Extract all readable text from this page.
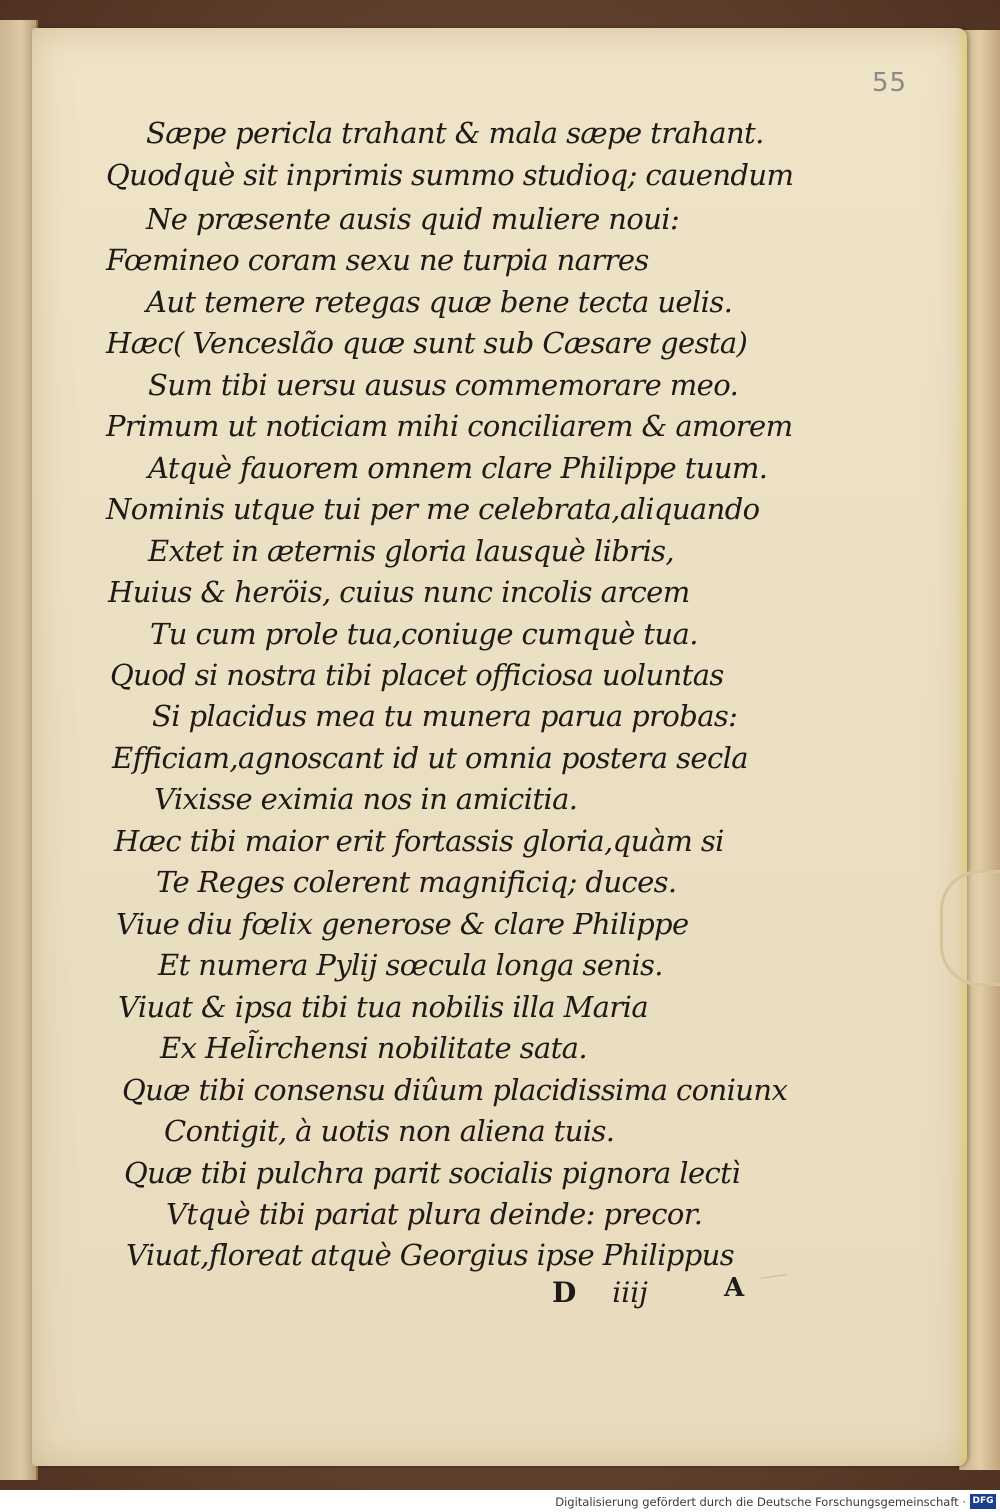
55
Sæpe pericla trahant & mala sæpe trahant.
Quodquè sit inprimis summo studioq; cauendum
Ne præsente ausis quid muliere noui:
Fœmineo coram sexu ne turpia narres
Aut temere retegas quæ bene tecta uelis.
Hæc( Venceslão quæ sunt sub Cæsare gesta)
Sum tibi uersu ausus commemorare meo.
Primum ut noticiam mihi conciliarem & amorem
Atquè fauorem omnem clare Philippe tuum.
Nominis utque tui per me celebrata,aliquando
Extet in æternis gloria lausquè libris,
Huius & heröis, cuius nunc incolis arcem
Tu cum prole tua,coniuge cumquè tua.
Quod si nostra tibi placet officiosa uoluntas
Si placidus mea tu munera parua probas:
Efficiam,agnoscant id ut omnia postera secla
Vixisse eximia nos in amicitia.
Hæc tibi maior erit fortassis gloria,quàm si
Te Reges colerent magnificiq; duces.
Viue diu fœlix generose & clare Philippe
Et numera Pylij sœcula longa senis.
Viuat & ipsa tibi tua nobilis illa Maria
Ex Hel̃irchensi nobilitate sata.
Quæ tibi consensu diûum placidissima coniunx
Contigit, à uotis non aliena tuis.
Quæ tibi pulchra parit socialis pignora lectì
Vtquè tibi pariat plura deinde: precor.
Viuat,floreat atquè Georgius ipse Philippus
D iiij	A
Digitalisierung gefördert durch die Deutsche Forschungsgemeinschaft · DFG
